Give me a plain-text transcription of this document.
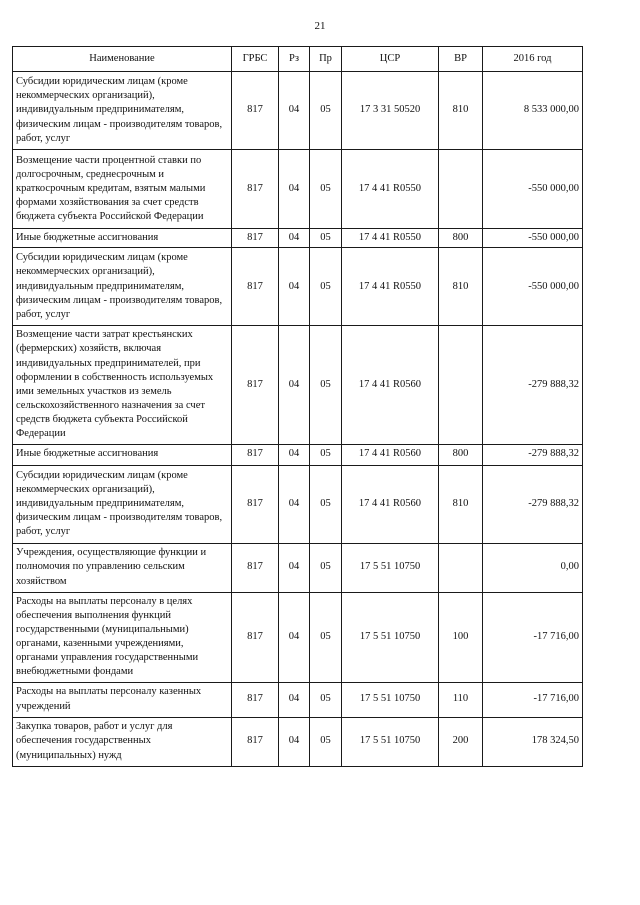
21
Наименование	ГРБС	Рз	Пр	ЦСР	ВР	2016 год
Субсидии юридическим лицам (кроме некоммерческих организаций), индивидуальным предпринимателям, физическим лицам - производителям товаров, работ, услуг	817	04	05	17 3 31 50520	810	8 533 000,00
Возмещение части процентной ставки по долгосрочным, среднесрочным и краткосрочным кредитам, взятым малыми формами хозяйствования за счет средств бюджета субъекта Российской Федерации	817	04	05	17 4 41 R0550		-550 000,00
Иные бюджетные ассигнования	817	04	05	17 4 41 R0550	800	-550 000,00
Субсидии юридическим лицам (кроме некоммерческих организаций), индивидуальным предпринимателям, физическим лицам - производителям товаров, работ, услуг	817	04	05	17 4 41 R0550	810	-550 000,00
Возмещение части затрат крестьянских (фермерских) хозяйств, включая индивидуальных предпринимателей, при оформлении в собственность используемых ими земельных участков из земель сельскохозяйственного назначения за счет средств бюджета субъекта Российской Федерации	817	04	05	17 4 41 R0560		-279 888,32
Иные бюджетные ассигнования	817	04	05	17 4 41 R0560	800	-279 888,32
Субсидии юридическим лицам (кроме некоммерческих организаций), индивидуальным предпринимателям, физическим лицам - производителям товаров, работ, услуг	817	04	05	17 4 41 R0560	810	-279 888,32
Учреждения, осуществляющие функции и полномочия по управлению сельским хозяйством	817	04	05	17 5 51 10750		0,00
Расходы на выплаты персоналу в целях обеспечения выполнения функций государственными (муниципальными) органами, казенными учреждениями, органами управления государственными внебюджетными фондами	817	04	05	17 5 51 10750	100	-17 716,00
Расходы на выплаты персоналу казенных учреждений	817	04	05	17 5 51 10750	110	-17 716,00
Закупка товаров, работ и услуг для обеспечения государственных (муниципальных) нужд	817	04	05	17 5 51 10750	200	178 324,50
